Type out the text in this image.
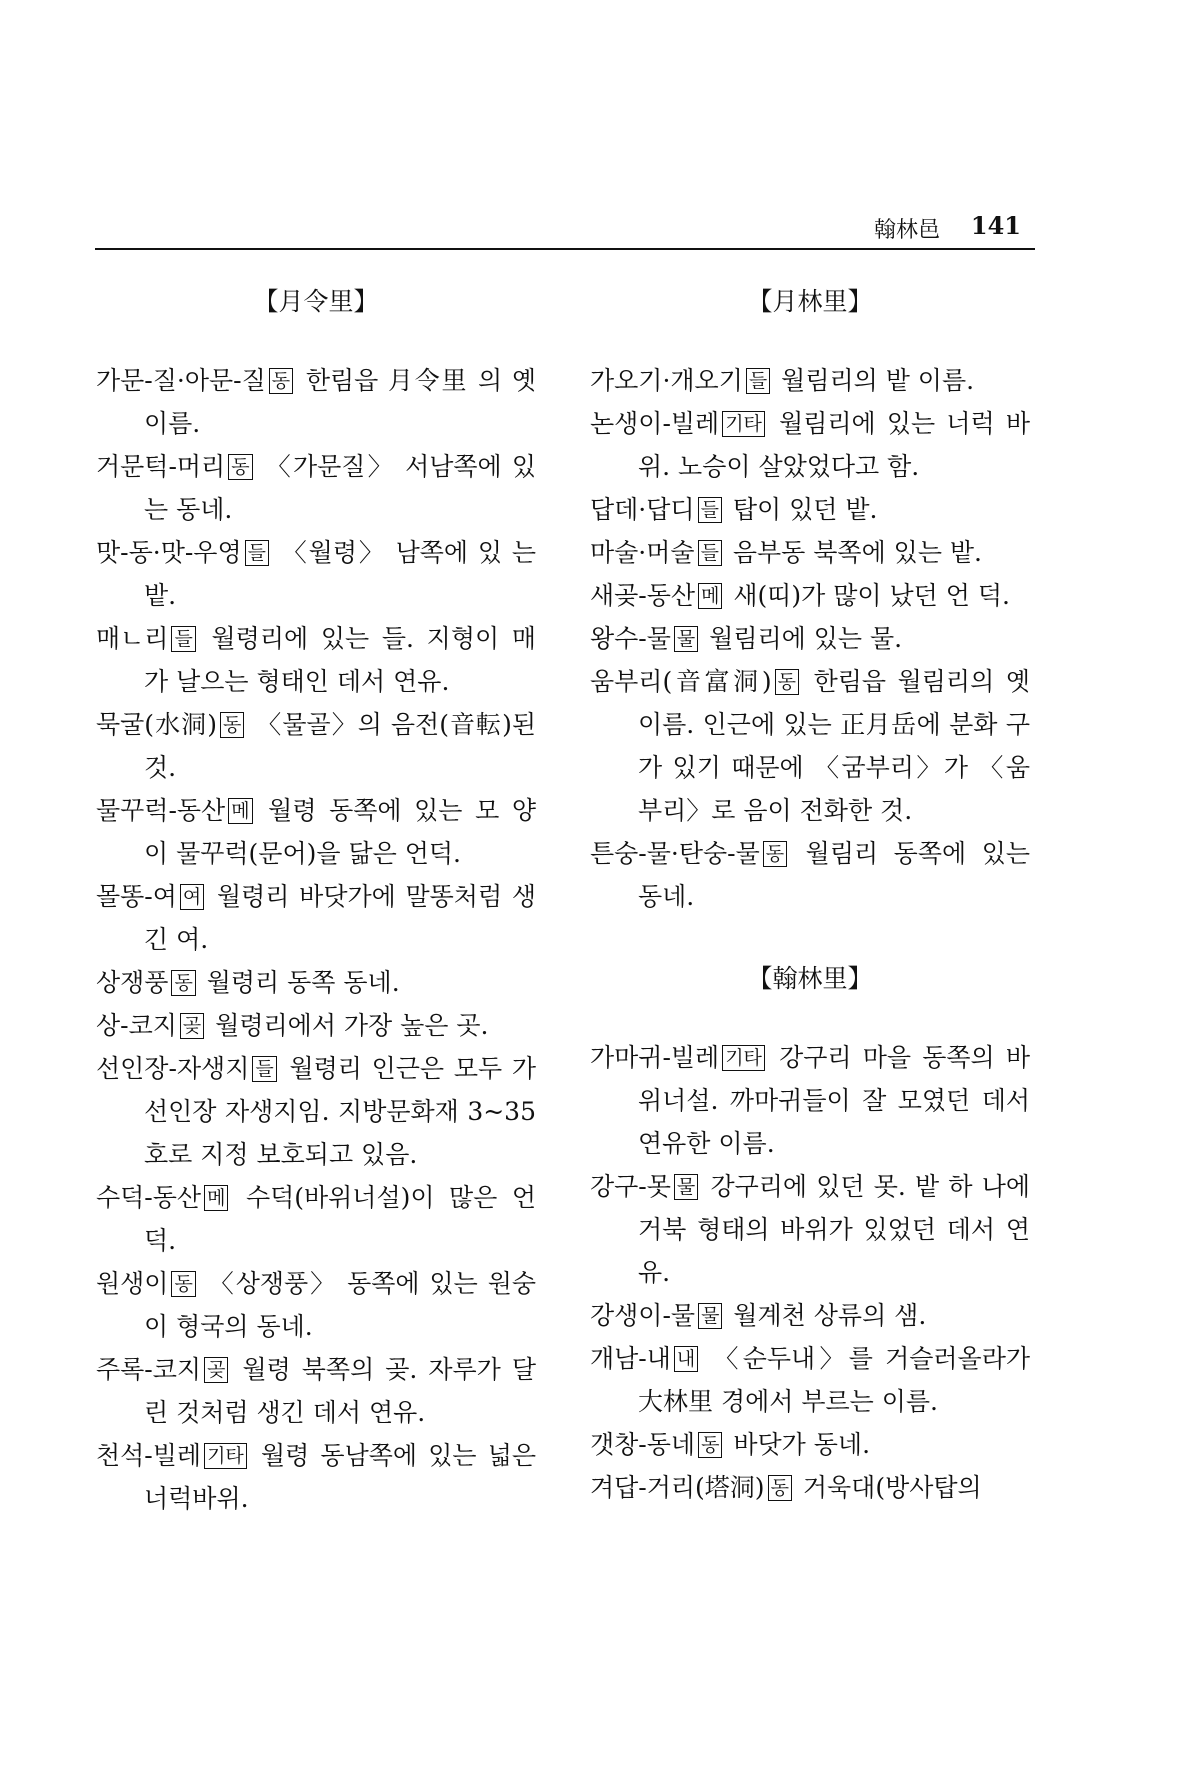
翰林邑 141
【月令里】

가문-질·아문-질 동 한림읍 月令里 의 옛이름.

거문턱-머리 동 〈가문질〉 서남쪽에 있 는 동네.

맛-동·맛-우영 들 〈월령〉 남쪽에 있 는 밭.

매ㄴ리 들 월령리에 있는 들. 지형이 매가 날으는 형태인 데서 연유.

묵굴(水洞) 동 〈물골〉의 음전(音転)된 것.

물꾸럭-동산 메 월령 동쪽에 있는 모 양이 물꾸럭(문어)을 닮은 언덕.

몰똥-여 여 월령리 바닷가에 말똥처럼 생긴 여.

상쟁풍 동 월령리 동쪽 동네.

상-코지 곶 월령리에서 가장 높은 곳.

선인장-자생지 들 월령리 인근은 모두 가 선인장 자생지임. 지방문화재 3~35호로 지정 보호되고 있음.

수덕-동산 메 수덕(바위너설)이 많은 언덕.

원생이 동 〈상쟁풍〉 동쪽에 있는 원숭 이 형국의 동네.

주록-코지 곶 월령 북쪽의 곶. 자루가 달린 것처럼 생긴 데서 연유.

천석-빌레 기타 월령 동남쪽에 있는 넓은 너럭바위.

【月林里】

가오기·개오기 들 월림리의 밭 이름.

논생이-빌레 기타 월림리에 있는 너럭 바위. 노승이 살았었다고 함.

답데·답디 들 탑이 있던 밭.

마술·머술 들 음부동 북쪽에 있는 밭.

새곶-동산 메 새(띠)가 많이 났던 언 덕.

왕수-물 물 월림리에 있는 물.

움부리(音富洞) 동 한림읍 월림리의 옛 이름. 인근에 있는 正月岳에 분화 구가 있기 때문에 〈굼부리〉가 〈움 부리〉로 음이 전화한 것.

튼숭-물·탄숭-물 동 월림리 동쪽에 있는 동네.

【翰林里】

가마귀-빌레 기타 강구리 마을 동쪽의 바위너설. 까마귀들이 잘 모였던 데서 연유한 이름.

강구-못 물 강구리에 있던 못. 밭 하 나에 거북 형태의 바위가 있었던 데서 연유.

강생이-물 물 월계천 상류의 샘.

개남-내 내 〈순두내〉를 거슬러올라가 大林里 경에서 부르는 이름.

갯창-동네 동 바닷가 동네.

겨답-거리(塔洞) 동 거욱대(방사탑의
